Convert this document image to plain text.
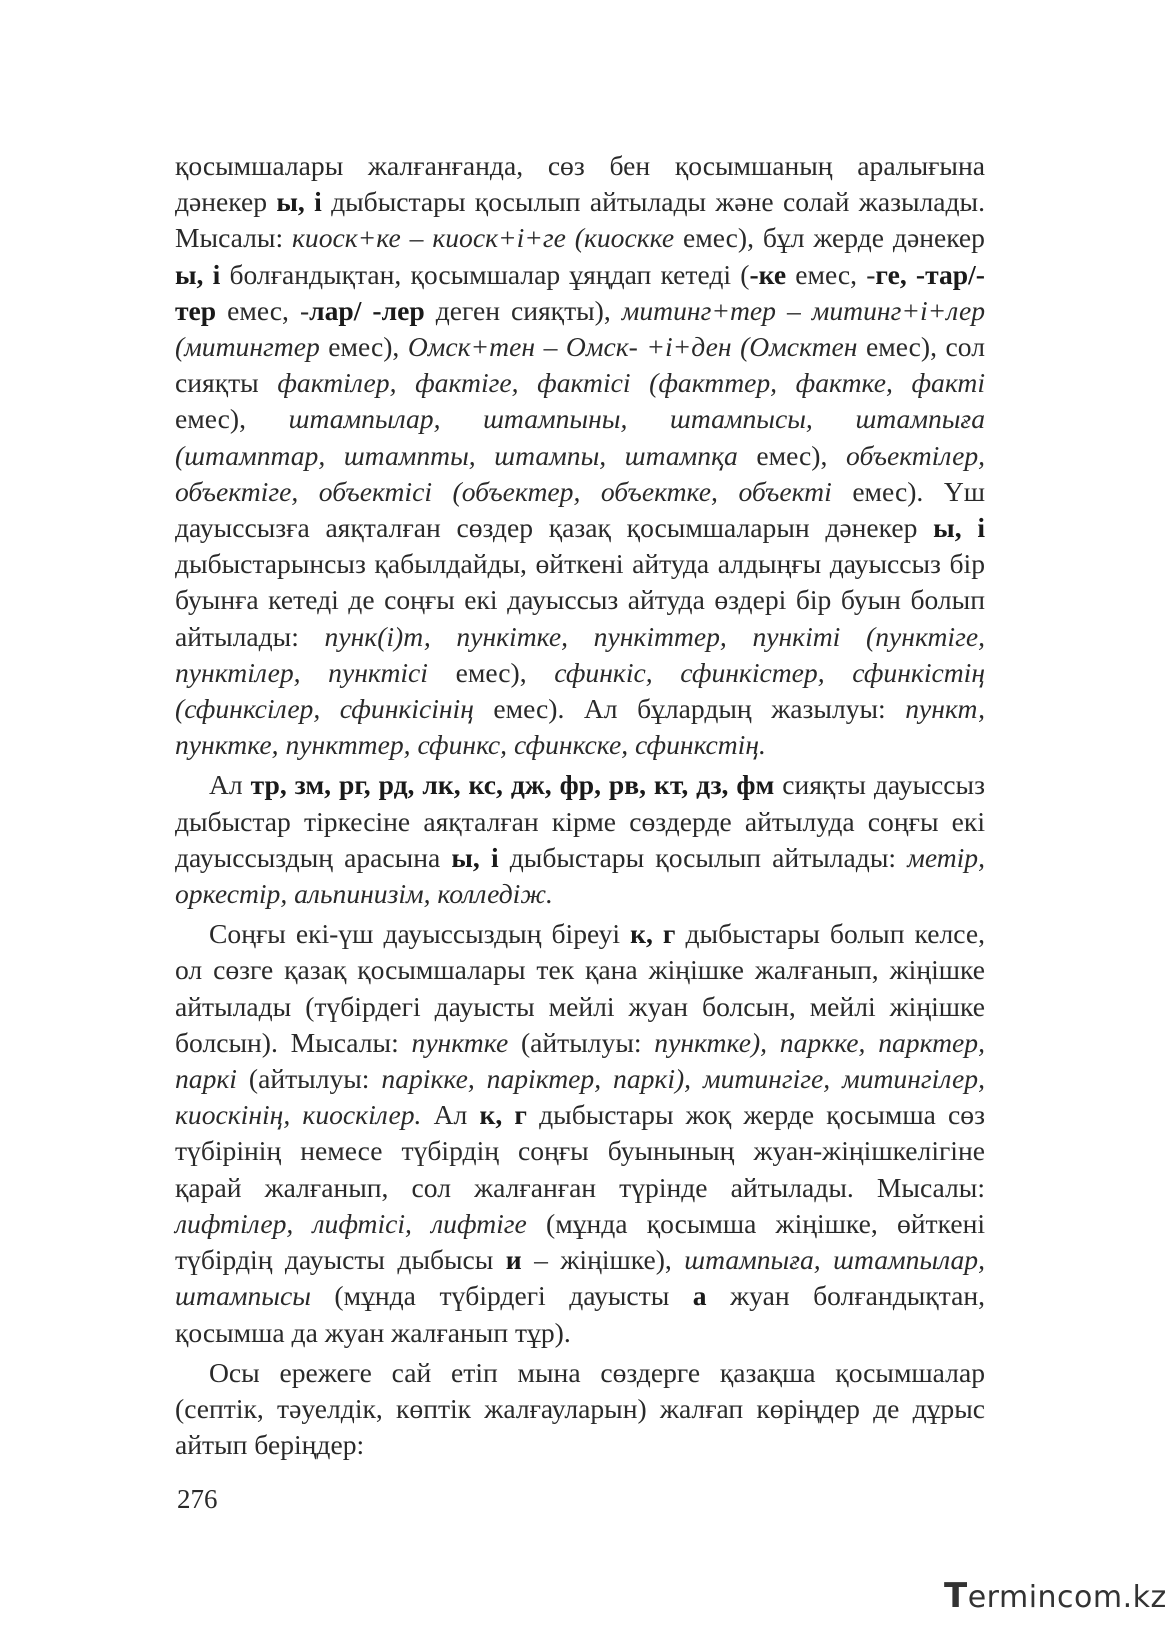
қосымшалары жалғанғанда, сөз бен қосымшаның аралығына дәнекер ы, і дыбыстары қосылып айтылады және солай жазылады. Мысалы: киоск+ке – киоск+і+ге (киоскке емес), бұл жерде дәнекер ы, і болғандықтан, қосымшалар ұяңдап кетеді (-ке емес, -ге, -тар/-тер емес, -лар/ -лер деген сияқты), митинг+тер – митинг+і+лер (митингтер емес), Омск+тен – Омск- +і+ден (Омсктен емес), сол сияқты фактілер, фактіге, фактісі (факттер, фактке, факті емес), штампылар, штампыны, штампысы, штампыға (штамптар, штампты, штампы, штампқа емес), объектілер, объектіге, объектісі (объектер, объектке, объекті емес). Үш дауыссызға аяқталған сөздер қазақ қосымшаларын дәнекер ы, і дыбыстарынсыз қабылдайды, өйткені айтуда алдыңғы дауыссыз бір буынға кетеді де соңғы екі дауыссыз айтуда өздері бір буын болып айтылады: пунк(і)т, пункітке, пункіттер, пункіті (пунктіге, пунктілер, пунктісі емес), сфинкіс, сфинкістер, сфинкістің (сфинксілер, сфинкісінің емес). Ал бұлардың жазылуы: пункт, пунктке, пункттер, сфинкс, сфинкске, сфинкстің.

Ал тр, зм, рг, рд, лк, кс, дж, фр, рв, кт, дз, фм сияқты дауыссыз дыбыстар тіркесіне аяқталған кірме сөздерде айтылуда соңғы екі дауыссыздың арасына ы, і дыбыстары қосылып айтылады: метір, оркестір, альпинизім, колледіж.

Соңғы екі-үш дауыссыздың біреуі к, г дыбыстары болып келсе, ол сөзге қазақ қосымшалары тек қана жіңішке жалғанып, жіңішке айтылады (түбірдегі дауысты мейлі жуан болсын, мейлі жіңішке болсын). Мысалы: пунктке (айтылуы: пунктке), паркке, парктер, паркі (айтылуы: парікке, паріктер, паркі), митингіге, митингілер, киоскінің, киоскілер. Ал к, г дыбыстары жоқ жерде қосымша сөз түбірінің немесе түбірдің соңғы буынының жуан-жіңішкелігіне қарай жалғанып, сол жалғанған түрінде айтылады. Мысалы: лифтілер, лифтісі, лифтіге (мұнда қосымша жіңішке, өйткені түбірдің дауысты дыбысы и – жіңішке), штампыға, штампылар, штампысы (мұнда түбірдегі дауысты а жуан болғандықтан, қосымша да жуан жалғанып тұр).

Осы ережеге сай етіп мына сөздерге қазақша қосымшалар (септік, тәуелдік, көптік жалғауларын) жалғап көріңдер де дұрыс айтып беріңдер:

276
Termincom.kz
